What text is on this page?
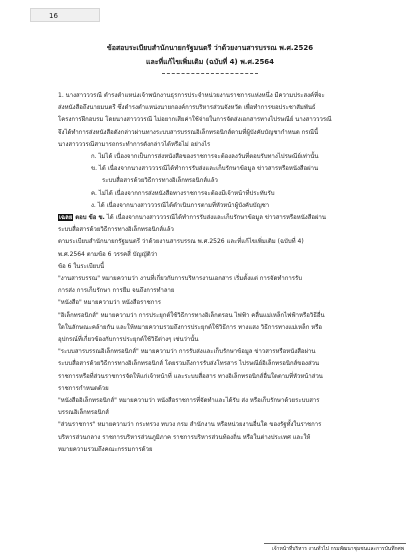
16
ข้อสอบระเบียบสำนักนายกรัฐมนตรี ว่าด้วยงานสารบรรณ พ.ศ.2526
และที่แก้ไขเพิ่มเติม (ฉบับที่ 4) พ.ศ.2564

1. นางสาวววรณี ตำรงตำแหน่งเจ้าพนักงานธุรการประจำหน่วยงานราชการแห่งหนึ่ง มีความประสงค์ที่จะ

ส่งหนังสือถึงนายมนตรี ซึ่งดำรงตำแหน่งนายกองค์การบริหารส่วนจังหวัด เพื่อทำการขอประชาสัมพันธ์

โครงการฝึกอบรม โดยนางสาวววรณี ไม่อยากเสียค่าใช้จ่ายในการจัดส่งเอกสารทางไปรษณีย์ นางสาวววรณี

จึงได้ทำการส่งหนังสือดังกล่าวผ่านทางระบบสารบรรณอิเล็กทรอนิกส์ตามที่ผู้บังคับบัญชากำหนด กรณีนี้

นางสาวววรณีสามารถกระทำการดังกล่าวได้หรือไม่ อย่างไร

ก. ไม่ได้ เนื่องจากเป็นการส่งหนังสือของราชการจะต้องลงวันที่ตอบรับทางไปรษณีย์เท่านั้น

ข. ได้ เนื่องจากนางสาวววรณีได้ทำการรับส่งและเก็บรักษาข้อมูล ข่าวสารหรือหนังสือผ่าน

ระบบสื่อสารด้วยวิธีการทางอิเล็กทรอนิกส์แล้ว

ค. ไม่ได้ เนื่องจากการส่งหนังสือทางราชการจะต้องมีเจ้าหน้าที่ประทับรับ

ง. ได้ เนื่องจากนางสาวววรณีได้ดำเนินการตามที่หัวหน้าผู้บังคับบัญชา

เฉลย ตอบ ข้อ ข. ได้ เนื่องจากนางสาวววรณีได้ทำการรับส่งและเก็บรักษาข้อมูล ข่าวสารหรือหนังสือผ่าน

ระบบสื่อสารด้วยวิธีการทางอิเล็กทรอนิกส์แล้ว

ตามระเบียบสำนักนายกรัฐมนตรี ว่าด้วยงานสารบรรณ พ.ศ.2526 และที่แก้ไขเพิ่มเติม (ฉบับที่ 4)

พ.ศ.2564 ตามข้อ 6 วรรคสี่ บัญญัติว่า

ข้อ 6 ในระเบียบนี้

"งานสารบรรณ" หมายความว่า งานที่เกี่ยวกับการบริหารงานเอกสาร เริ่มตั้งแต่ การจัดทำการรับ

การส่ง การเก็บรักษา การยืม จนถึงการทำลาย

"หนังสือ" หมายความว่า หนังสือราชการ

"อิเล็กทรอนิกส์" หมายความว่า การประยุกต์ใช้วิธีการทางอิเล็กตรอน ไฟฟ้า คลื่นแม่เหล็กไฟฟ้าหรือวิธีอื่น

ใดในลักษณะคล้ายกัน และให้หมายความรวมถึงการประยุกต์ใช้วิธีการ ทางแสง วิธีการทางแม่เหล็ก หรือ

อุปกรณ์ที่เกี่ยวข้องกับการประยุกต์ใช้วิธีต่างๆ เช่นว่านั้น

"ระบบสารบรรณอิเล็กทรอนิกส์" หมายความว่า การรับส่งและเก็บรักษาข้อมูล ข่าวสารหรือหนังสือผ่าน

ระบบสื่อสารด้วยวิธีการทางอิเล็กทรอนิกส์ โดยรวมถึงการรับส่งโทรสาร ไปรษณีย์อิเล็กทรอนิกส์ของส่วน

ราชการหรือที่ส่วนราชการจัดให้แก่เจ้าหน้าที่ และระบบสื่อสาร ทางอิเล็กทรอนิกส์อื่นใดตามที่หัวหน้าส่วน

ราชการกำหนดด้วย

"หนังสืออิเล็กทรอนิกส์" หมายความว่า หนังสือราชการที่จัดทำและได้รับ ส่ง หรือเก็บรักษาด้วยระบบสาร

บรรณอิเล็กทรอนิกส์

"ส่วนราชการ" หมายความว่า กระทรวง ทบวง กรม สำนักงาน หรือหน่วยงานอื่นใด ของรัฐทั้งในราชการ

บริหารส่วนกลาง ราชการบริหารส่วนภูมิภาค ราชการบริหารส่วนท้องถิ่น หรือในต่างประเทศ และให้

หมายความรวมถึงคณะกรรมการด้วย

เจ้าหน้าที่บริหาร งานทั่วไป กรมพัฒนาชุมชนและการบันทึกศพ
